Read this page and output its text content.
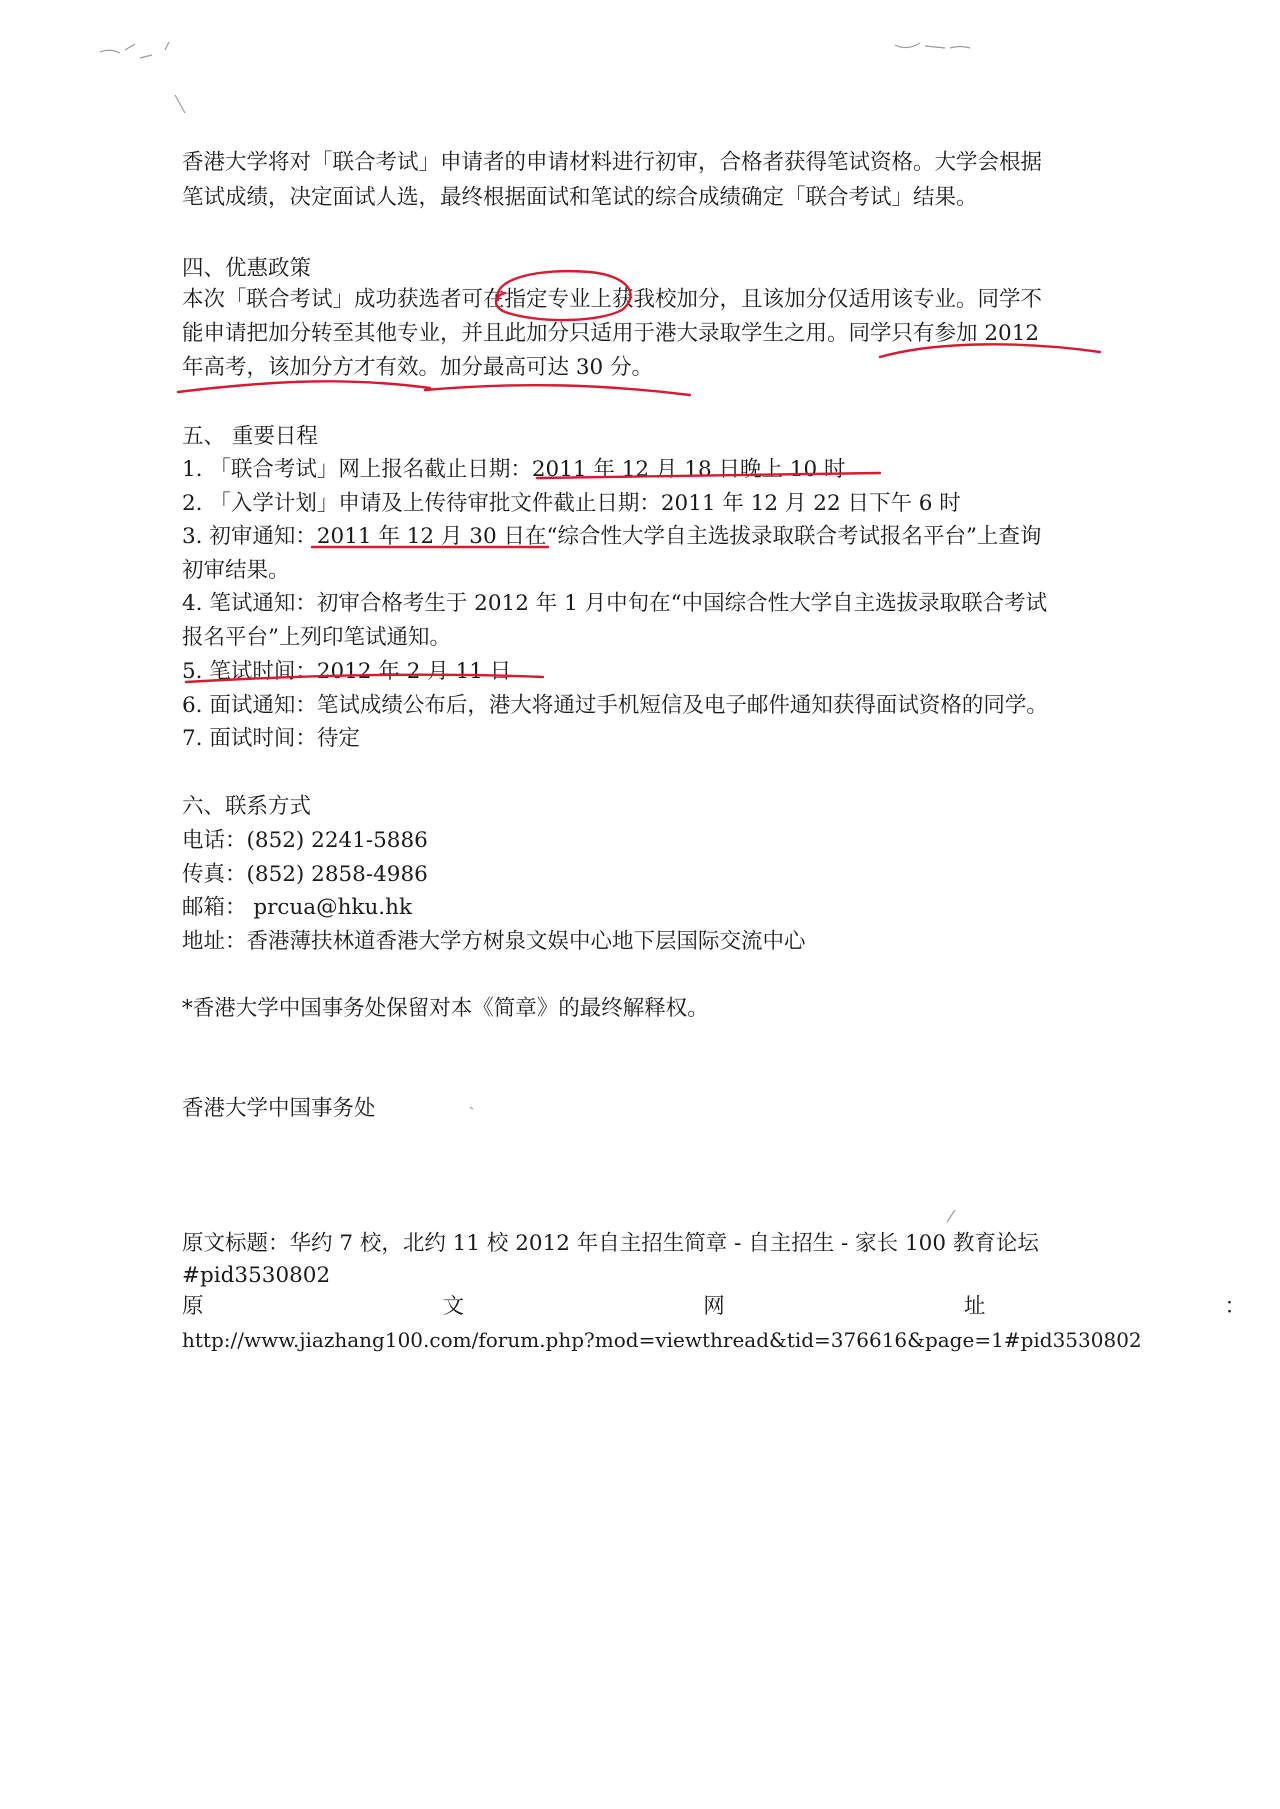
香港大学将对「联合考试」申请者的申请材料进行初审，合格者获得笔试资格。大学会根据

笔试成绩，决定面试人选，最终根据面试和笔试的综合成绩确定「联合考试」结果。

四、优惠政策

本次「联合考试」成功获选者可在指定专业上获我校加分，且该加分仅适用该专业。同学不

能申请把加分转至其他专业，并且此加分只适用于港大录取学生之用。同学只有参加 2012

年高考，该加分方才有效。加分最高可达 30 分。

五、 重要日程

1. 「联合考试」网上报名截止日期：2011 年 12 月 18 日晚上 10 时

2. 「入学计划」申请及上传待审批文件截止日期：2011 年 12 月 22 日下午 6 时

3. 初审通知：2011 年 12 月 30 日在“综合性大学自主选拔录取联合考试报名平台”上查询

初审结果。

4. 笔试通知：初审合格考生于 2012 年 1 月中旬在“中国综合性大学自主选拔录取联合考试

报名平台”上列印笔试通知。

5. 笔试时间：2012 年 2 月 11 日

6. 面试通知：笔试成绩公布后，港大将通过手机短信及电子邮件通知获得面试资格的同学。

7. 面试时间：待定

六、联系方式

电话：(852) 2241-5886

传真：(852) 2858-4986

邮箱： prcua@hku.hk

地址：香港薄扶林道香港大学方树泉文娱中心地下层国际交流中心

*香港大学中国事务处保留对本《简章》的最终解释权。

香港大学中国事务处

原文标题：华约 7 校，北约 11 校 2012 年自主招生简章 - 自主招生 - 家长 100 教育论坛

#pid3530802

原	文	网	址	：

http://www.jiazhang100.com/forum.php?mod=viewthread&tid=376616&page=1#pid3530802
